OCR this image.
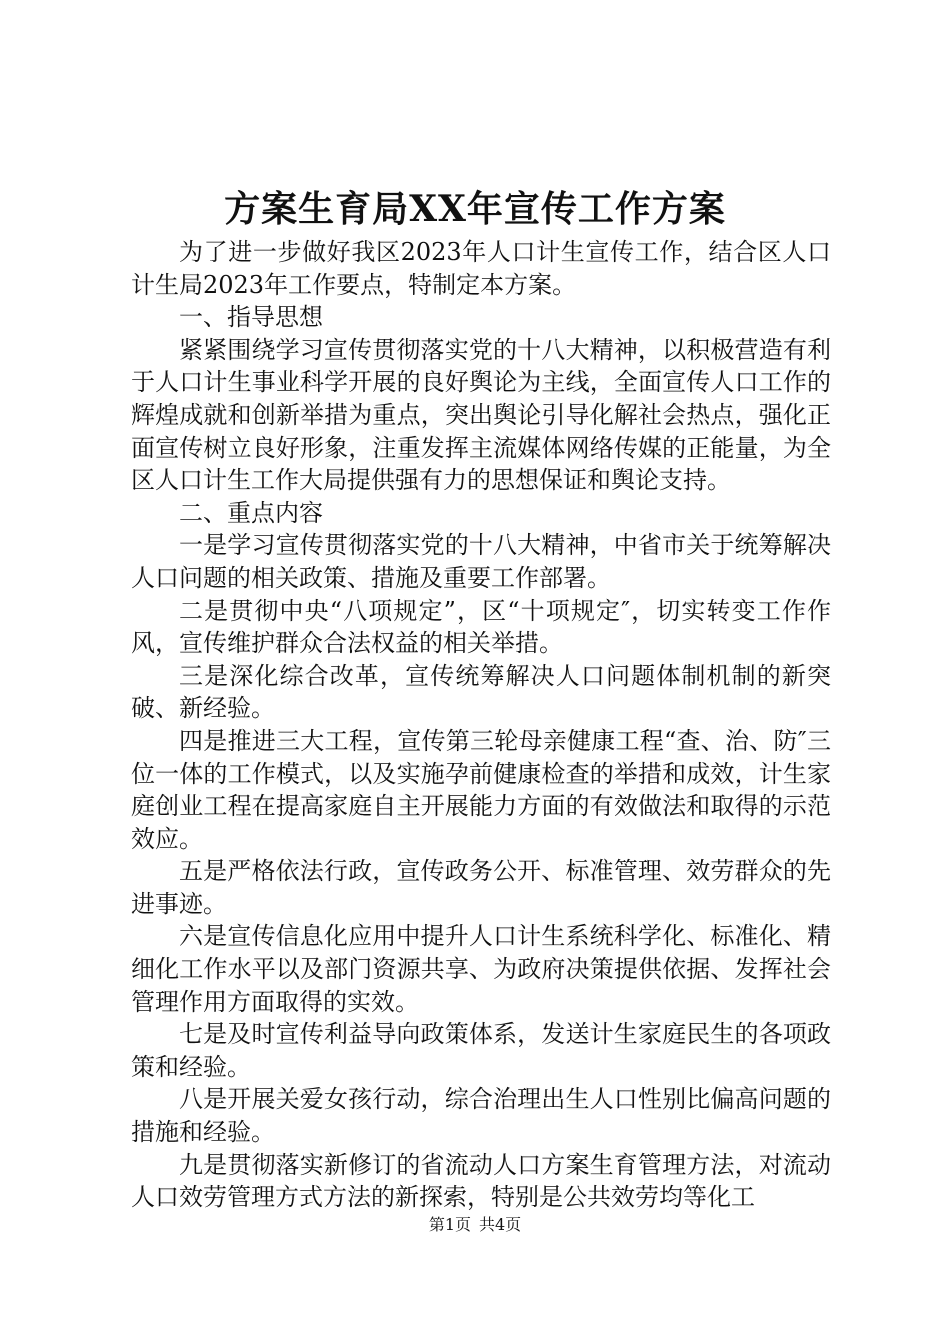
方案生育局XX年宣传工作方案

为了进一步做好我区2023年人口计生宣传工作，结合区人口计生局2023年工作要点，特制定本方案。

一、指导思想

紧紧围绕学习宣传贯彻落实党的十八大精神，以积极营造有利于人口计生事业科学开展的良好舆论为主线，全面宣传人口工作的辉煌成就和创新举措为重点，突出舆论引导化解社会热点，强化正面宣传树立良好形象，注重发挥主流媒体网络传媒的正能量，为全区人口计生工作大局提供强有力的思想保证和舆论支持。

二、重点内容

一是学习宣传贯彻落实党的十八大精神，中省市关于统筹解决人口问题的相关政策、措施及重要工作部署。

二是贯彻中央“八项规定”，区“十项规定″，切实转变工作作风，宣传维护群众合法权益的相关举措。

三是深化综合改革，宣传统筹解决人口问题体制机制的新突破、新经验。

四是推进三大工程，宣传第三轮母亲健康工程“查、治、防″三位一体的工作模式，以及实施孕前健康检查的举措和成效，计生家庭创业工程在提高家庭自主开展能力方面的有效做法和取得的示范效应。

五是严格依法行政，宣传政务公开、标准管理、效劳群众的先进事迹。

六是宣传信息化应用中提升人口计生系统科学化、标准化、精细化工作水平以及部门资源共享、为政府决策提供依据、发挥社会管理作用方面取得的实效。

七是及时宣传利益导向政策体系，发送计生家庭民生的各项政策和经验。

八是开展关爱女孩行动，综合治理出生人口性别比偏高问题的措施和经验。

九是贯彻落实新修订的省流动人口方案生育管理方法，对流动人口效劳管理方式方法的新探索，特别是公共效劳均等化工

第1页 共4页
